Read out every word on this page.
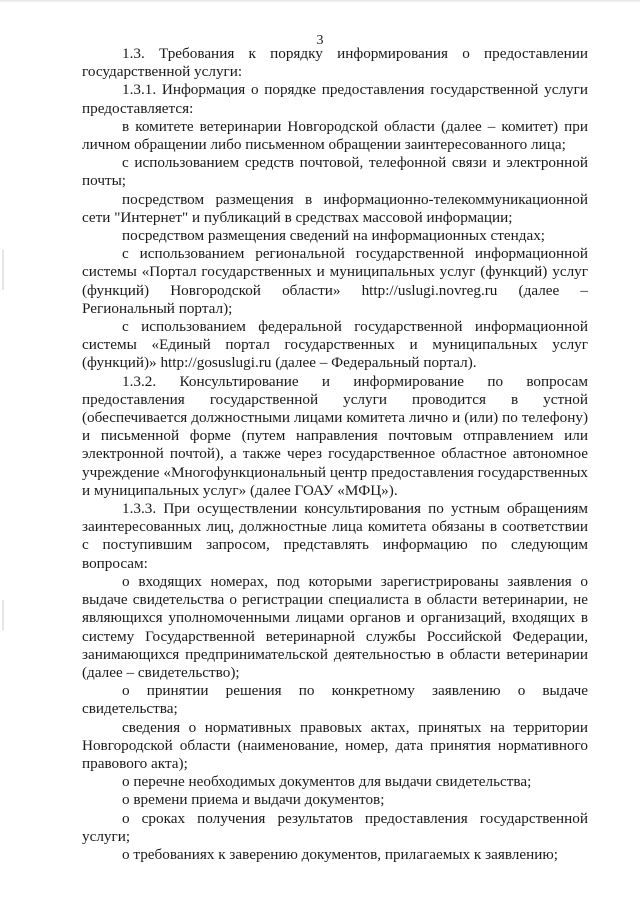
3

1.3. Требования к порядку информирования о предоставлении государственной услуги:

1.3.1. Информация о порядке предоставления государственной услуги предоставляется:

в комитете ветеринарии Новгородской области (далее – комитет) при личном обращении либо письменном обращении заинтересованного лица;

с использованием средств почтовой, телефонной связи и электронной почты;

посредством размещения в информационно-телекоммуникационной сети "Интернет" и публикаций в средствах массовой информации;

посредством размещения сведений на информационных стендах;

с использованием региональной государственной информационной системы «Портал государственных и муниципальных услуг (функций) услуг (функций) Новгородской области» http://uslugi.novreg.ru (далее – Региональный портал);

с использованием федеральной государственной информационной системы «Единый портал государственных и муниципальных услуг (функций)» http://gosuslugi.ru (далее – Федеральный портал).

1.3.2. Консультирование и информирование по вопросам предоставления государственной услуги проводится в устной (обеспечивается должностными лицами комитета лично и (или) по телефону) и письменной форме (путем направления почтовым отправлением или электронной почтой), а также через государственное областное автономное учреждение «Многофункциональный центр предоставления государственных и муниципальных услуг» (далее ГОАУ «МФЦ»).

1.3.3. При осуществлении консультирования по устным обращениям заинтересованных лиц, должностные лица комитета обязаны в соответствии с поступившим запросом, представлять информацию по следующим вопросам:

о входящих номерах, под которыми зарегистрированы заявления о выдаче свидетельства о регистрации специалиста в области ветеринарии, не являющихся уполномоченными лицами органов и организаций, входящих в систему Государственной ветеринарной службы Российской Федерации, занимающихся предпринимательской деятельностью в области ветеринарии (далее – свидетельство);

о принятии решения по конкретному заявлению о выдаче свидетельства;

сведения о нормативных правовых актах, принятых на территории Новгородской области (наименование, номер, дата принятия нормативного правового акта);

о перечне необходимых документов для выдачи свидетельства;

о времени приема и выдачи документов;

о сроках получения результатов предоставления государственной услуги;

о требованиях к заверению документов, прилагаемых к заявлению;
